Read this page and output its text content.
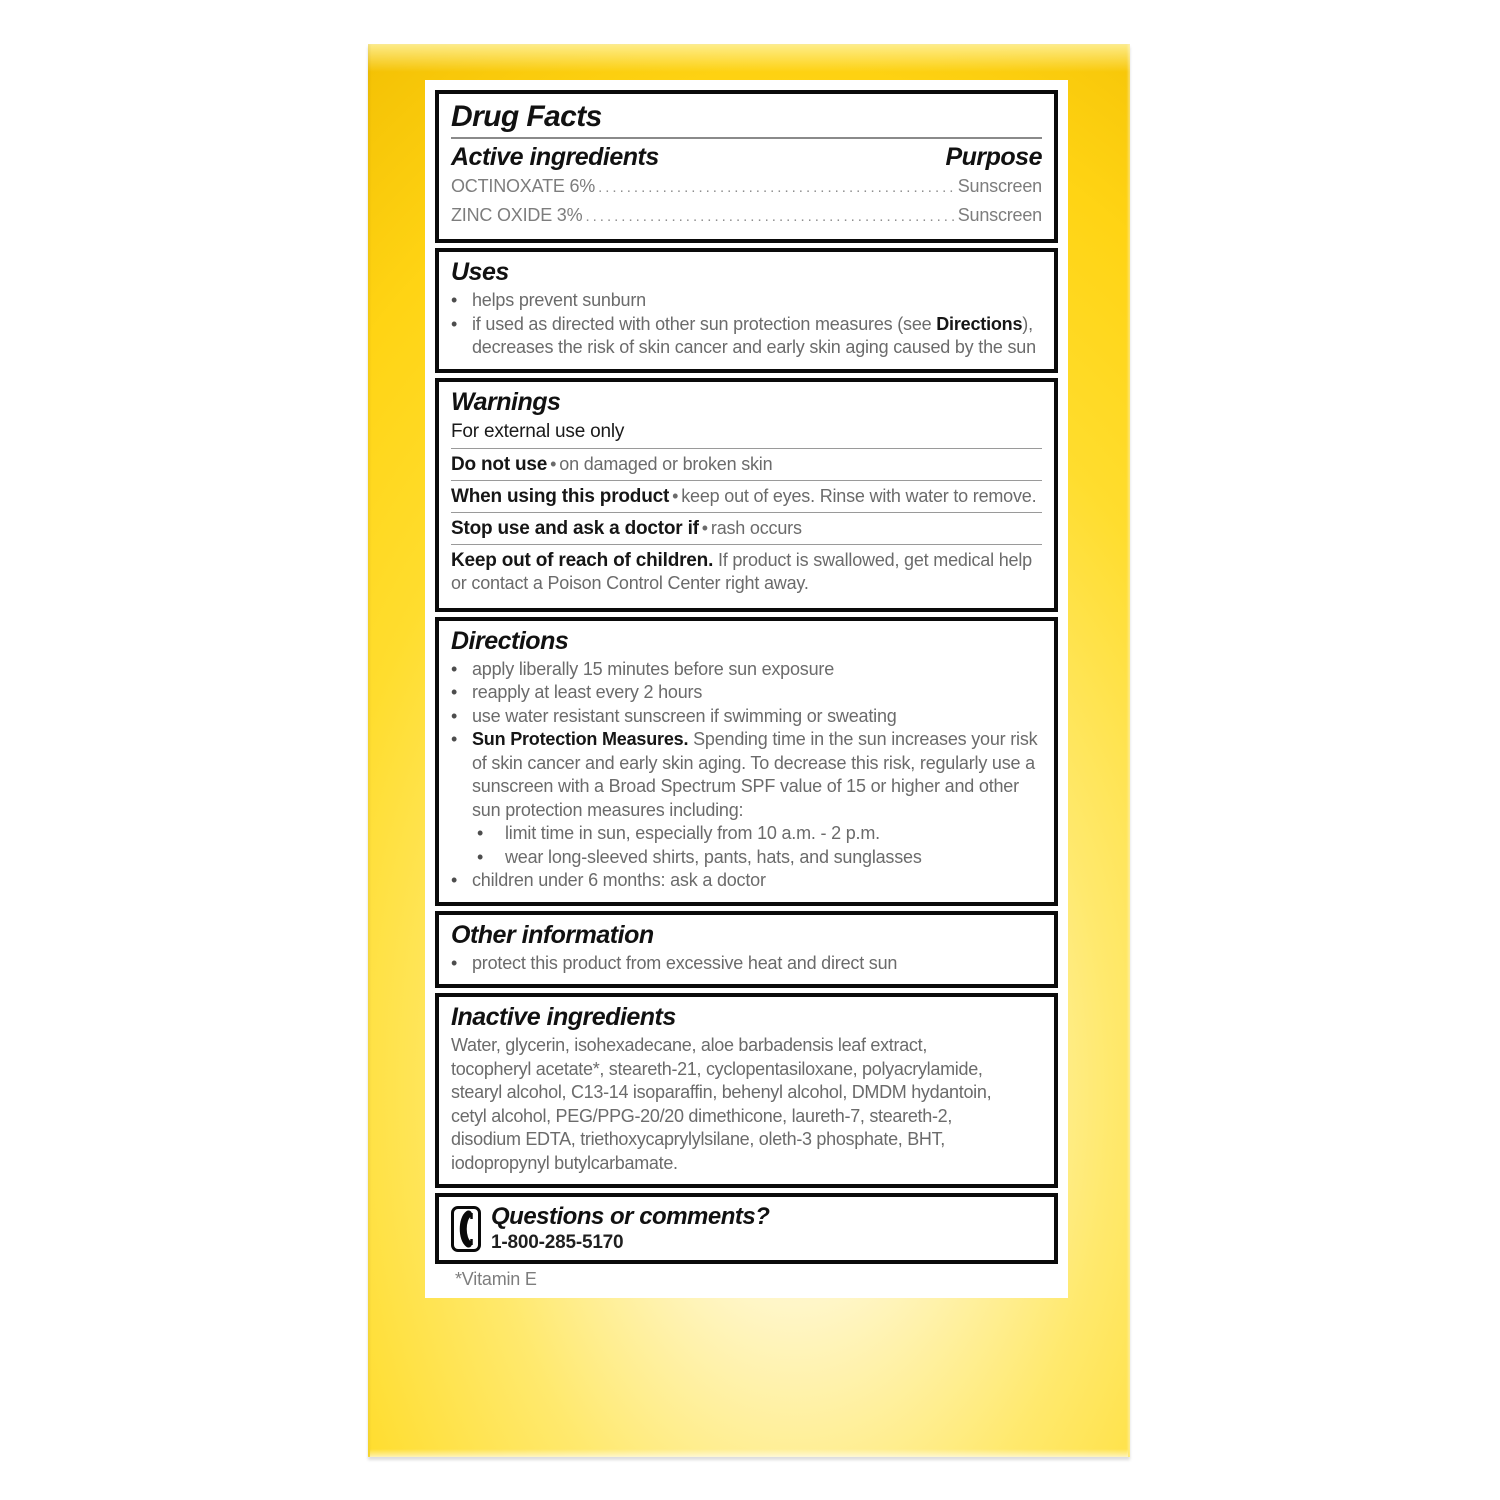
Drug Facts
Active ingredients	Purpose
OCTINOXATE 6% .....	Sunscreen
ZINC OXIDE 3% .....	Sunscreen
Uses
• helps prevent sunburn
• if used as directed with other sun protection measures (see Directions), decreases the risk of skin cancer and early skin aging caused by the sun
Warnings
For external use only
Do not use • on damaged or broken skin
When using this product • keep out of eyes. Rinse with water to remove.
Stop use and ask a doctor if • rash occurs
Keep out of reach of children. If product is swallowed, get medical help or contact a Poison Control Center right away.
Directions
• apply liberally 15 minutes before sun exposure
• reapply at least every 2 hours
• use water resistant sunscreen if swimming or sweating
• Sun Protection Measures. Spending time in the sun increases your risk of skin cancer and early skin aging. To decrease this risk, regularly use a sunscreen with a Broad Spectrum SPF value of 15 or higher and other sun protection measures including:
•	limit time in sun, especially from 10 a.m. - 2 p.m.
•	wear long-sleeved shirts, pants, hats, and sunglasses
• children under 6 months: ask a doctor
Other information
• protect this product from excessive heat and direct sun
Inactive ingredients
Water, glycerin, isohexadecane, aloe barbadensis leaf extract,
tocopheryl acetate*, steareth-21, cyclopentasiloxane, polyacrylamide,
stearyl alcohol, C13-14 isoparaffin, behenyl alcohol, DMDM hydantoin,
cetyl alcohol, PEG/PPG-20/20 dimethicone, laureth-7, steareth-2,
disodium EDTA, triethoxycaprylylsilane, oleth-3 phosphate, BHT,
iodopropynyl butylcarbamate.
Questions or comments?
1-800-285-5170
*Vitamin E
